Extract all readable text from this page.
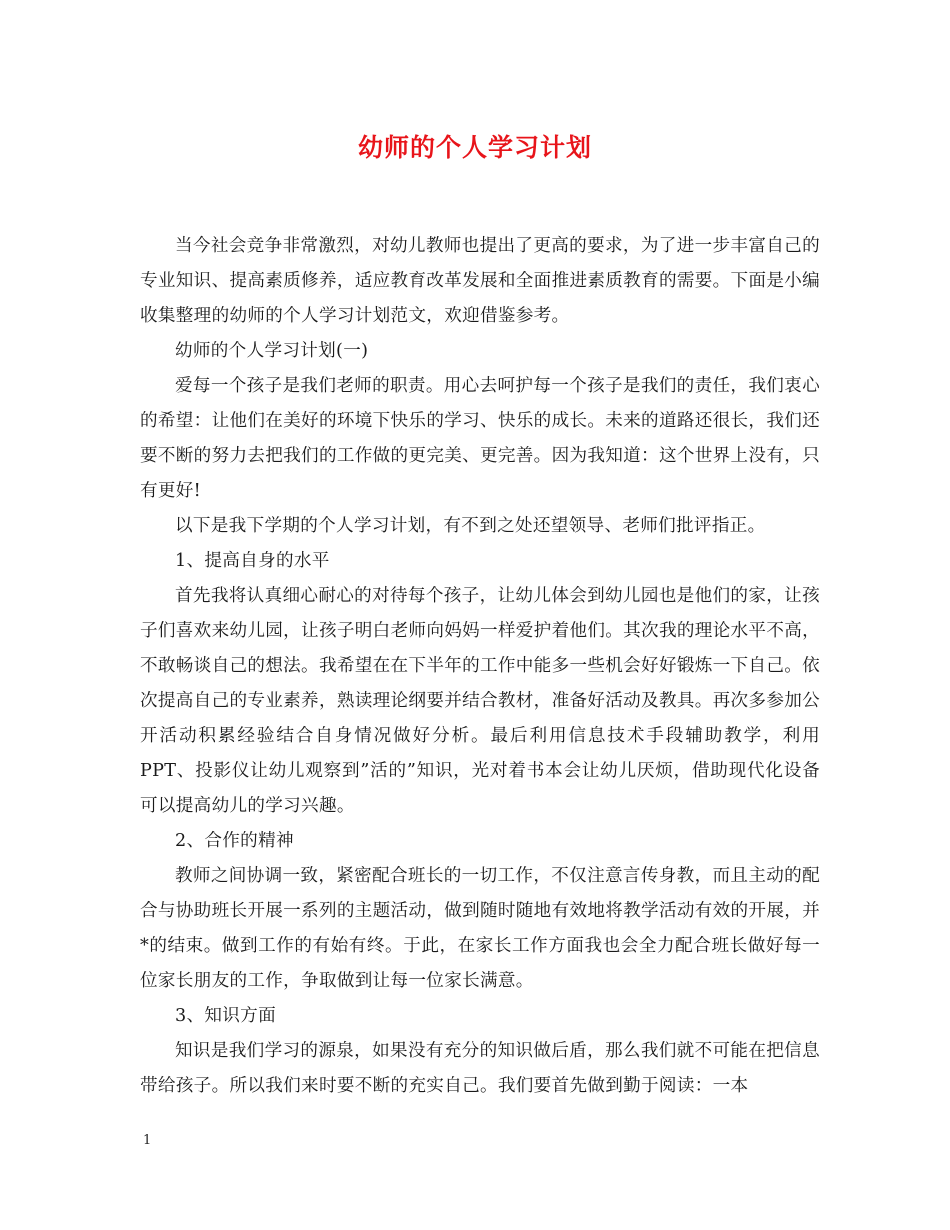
幼师的个人学习计划

当今社会竞争非常激烈，对幼儿教师也提出了更高的要求，为了进一步丰富自己的专业知识、提高素质修养，适应教育改革发展和全面推进素质教育的需要。下面是小编收集整理的幼师的个人学习计划范文，欢迎借鉴参考。

幼师的个人学习计划(一)

爱每一个孩子是我们老师的职责。用心去呵护每一个孩子是我们的责任，我们衷心的希望：让他们在美好的环境下快乐的学习、快乐的成长。未来的道路还很长，我们还要不断的努力去把我们的工作做的更完美、更完善。因为我知道：这个世界上没有，只有更好!

以下是我下学期的个人学习计划，有不到之处还望领导、老师们批评指正。

1、提高自身的水平

首先我将认真细心耐心的对待每个孩子，让幼儿体会到幼儿园也是他们的家，让孩子们喜欢来幼儿园，让孩子明白老师向妈妈一样爱护着他们。其次我的理论水平不高，不敢畅谈自己的想法。我希望在在下半年的工作中能多一些机会好好锻炼一下自己。依次提高自己的专业素养，熟读理论纲要并结合教材，准备好活动及教具。再次多参加公开活动积累经验结合自身情况做好分析。最后利用信息技术手段辅助教学，利用PPT、投影仪让幼儿观察到”活的”知识，光对着书本会让幼儿厌烦，借助现代化设备可以提高幼儿的学习兴趣。

2、合作的精神

教师之间协调一致，紧密配合班长的一切工作，不仅注意言传身教，而且主动的配合与协助班长开展一系列的主题活动，做到随时随地有效地将教学活动有效的开展，并*的结束。做到工作的有始有终。于此，在家长工作方面我也会全力配合班长做好每一位家长朋友的工作，争取做到让每一位家长满意。

3、知识方面

知识是我们学习的源泉，如果没有充分的知识做后盾，那么我们就不可能在把信息带给孩子。所以我们来时要不断的充实自己。我们要首先做到勤于阅读：一本

1
